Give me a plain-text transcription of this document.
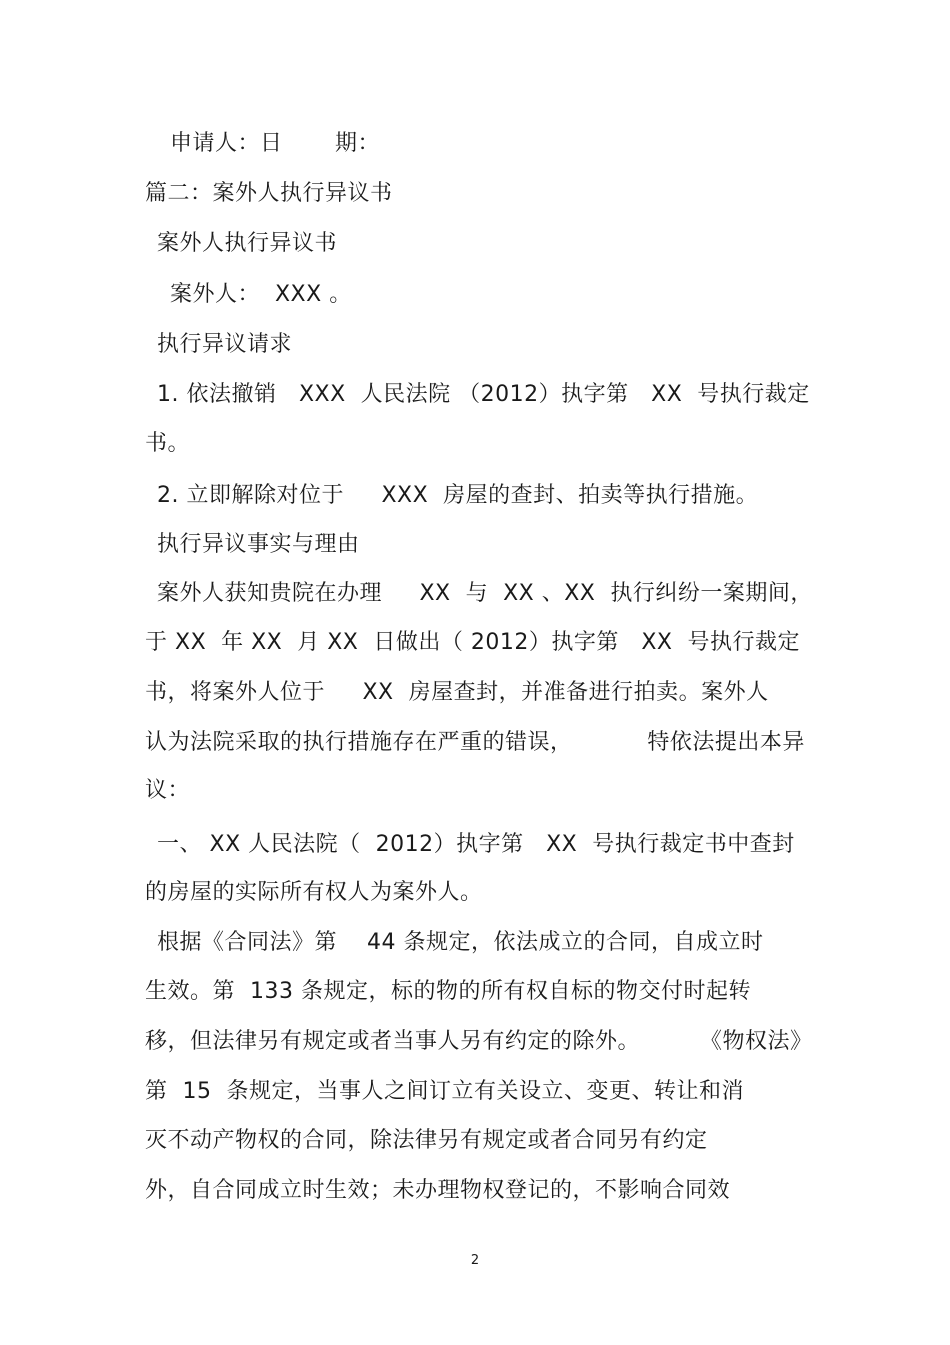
申请人：日       期：
篇二：案外人执行异议书
案外人执行异议书
案外人：  XXX 。
执行异议请求
1. 依法撤销   XXX  人民法院 （2012）执字第   XX  号执行裁定
书。
2. 立即解除对位于     XXX  房屋的查封、拍卖等执行措施。
执行异议事实与理由
案外人获知贵院在办理     XX  与  XX 、XX  执行纠纷一案期间，
于 XX  年 XX  月 XX  日做出（ 2012）执字第   XX  号执行裁定
书，将案外人位于     XX  房屋查封，并准备进行拍卖。案外人
认为法院采取的执行措施存在严重的错误，          特依法提出本异
议：
一、 XX 人民法院（  2012）执字第   XX  号执行裁定书中查封
的房屋的实际所有权人为案外人。
根据《合同法》第    44 条规定，依法成立的合同，自成立时
生效。第  133 条规定，标的物的所有权自标的物交付时起转
移，但法律另有规定或者当事人另有约定的除外。        《物权法》
第  15  条规定，当事人之间订立有关设立、变更、转让和消
灭不动产物权的合同，除法律另有规定或者合同另有约定
外，自合同成立时生效；未办理物权登记的，不影响合同效
2
